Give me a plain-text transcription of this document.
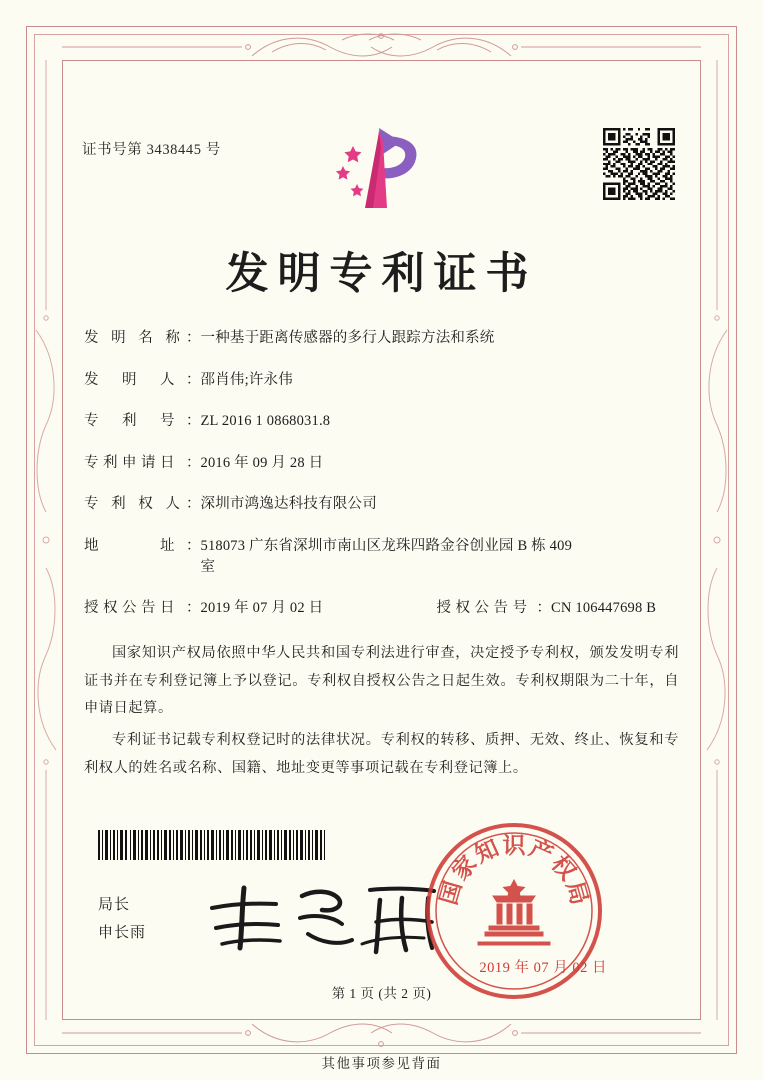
证书号第 3438445 号
发明专利证书
发 明 名 称 ： 一种基于距离传感器的多行人跟踪方法和系统
发　明　人 ： 邵肖伟;许永伟
专　利　号 ： ZL 2016 1 0868031.8
专利申请日 ： 2016 年 09 月 28 日
专 利 权 人 ： 深圳市鸿逸达科技有限公司
地　　　址 ： 518073 广东省深圳市南山区龙珠四路金谷创业园 B 栋 409
室
授权公告日 ： 2019 年 07 月 02 日	授权公告号 ： CN 106447698 B

国家知识产权局依照中华人民共和国专利法进行审查，决定授予专利权，颁发发明专利证书并在专利登记簿上予以登记。专利权自授权公告之日起生效。专利权期限为二十年，自申请日起算。

专利证书记载专利权登记时的法律状况。专利权的转移、质押、无效、终止、恢复和专利权人的姓名或名称、国籍、地址变更等事项记载在专利登记簿上。

局长
申长雨
国
家
知 识 产
权
局
2019 年 07 月 02 日
第 1 页 (共 2 页)
其他事项参见背面
